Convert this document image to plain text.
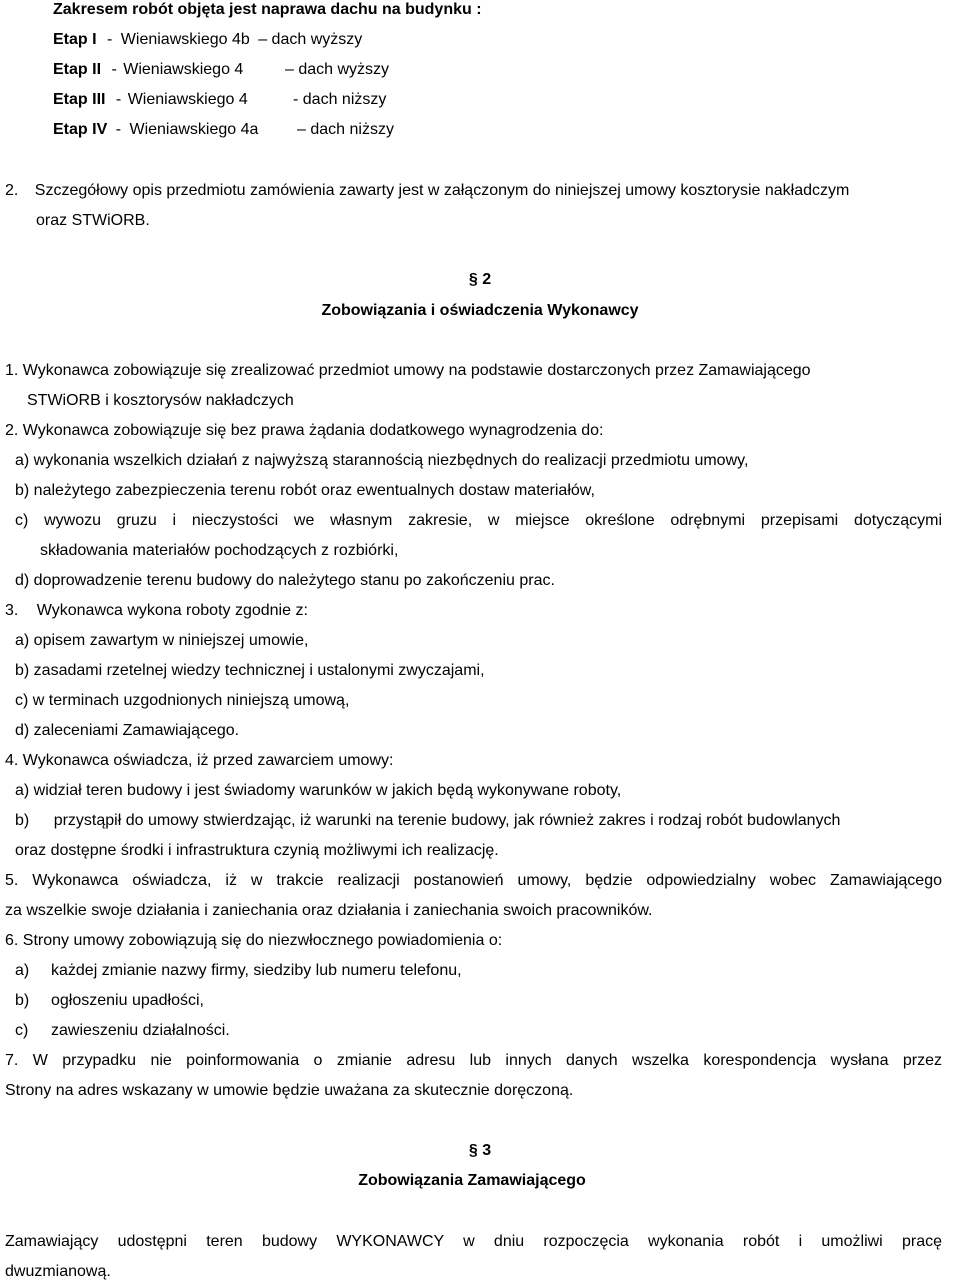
Zakresem robót objęta jest naprawa dachu na budynku :
Etap I - Wieniawskiego 4b – dach wyższy
Etap II - Wieniawskiego 4	– dach wyższy
Etap III - Wieniawskiego 4	- dach niższy
Etap IV - Wieniawskiego 4a – dach niższy
2. Szczegółowy opis przedmiotu zamówienia zawarty jest w załączonym do niniejszej umowy kosztorysie nakładczym
oraz STWiORB.
§ 2
Zobowiązania i oświadczenia Wykonawcy
1. Wykonawca zobowiązuje się zrealizować przedmiot umowy na podstawie dostarczonych przez Zamawiającego
STWiORB i kosztorysów nakładczych
2. Wykonawca zobowiązuje się bez prawa żądania dodatkowego wynagrodzenia do:
a) wykonania wszelkich działań z najwyższą starannością niezbędnych do realizacji przedmiotu umowy,
b) należytego zabezpieczenia terenu robót oraz ewentualnych dostaw materiałów,
c) wywozu gruzu i nieczystości we własnym zakresie, w miejsce określone odrębnymi przepisami dotyczącymi
składowania materiałów pochodzących z rozbiórki,
d) doprowadzenie terenu budowy do należytego stanu po zakończeniu prac.
3. Wykonawca wykona roboty zgodnie z:
a) opisem zawartym w niniejszej umowie,
b) zasadami rzetelnej wiedzy technicznej i ustalonymi zwyczajami,
c) w terminach uzgodnionych niniejszą umową,
d) zaleceniami Zamawiającego.
4. Wykonawca oświadcza, iż przed zawarciem umowy:
a) widział teren budowy i jest świadomy warunków w jakich będą wykonywane roboty,
b) przystąpił do umowy stwierdzając, iż warunki na terenie budowy, jak również zakres i rodzaj robót budowlanych
oraz dostępne środki i infrastruktura czynią możliwymi ich realizację.
5. Wykonawca oświadcza, iż w trakcie realizacji postanowień umowy, będzie odpowiedzialny wobec Zamawiającego
za wszelkie swoje działania i zaniechania oraz działania i zaniechania swoich pracowników.
6. Strony umowy zobowiązują się do niezwłocznego powiadomienia o:
a) każdej zmianie nazwy firmy, siedziby lub numeru telefonu,
b) ogłoszeniu upadłości,
c) zawieszeniu działalności.
7. W przypadku nie poinformowania o zmianie adresu lub innych danych wszelka korespondencja wysłana przez
Strony na adres wskazany w umowie będzie uważana za skutecznie doręczoną.
§ 3
Zobowiązania Zamawiającego
Zamawiający udostępni teren budowy WYKONAWCY w dniu rozpoczęcia wykonania robót i umożliwi pracę
dwuzmianową.
